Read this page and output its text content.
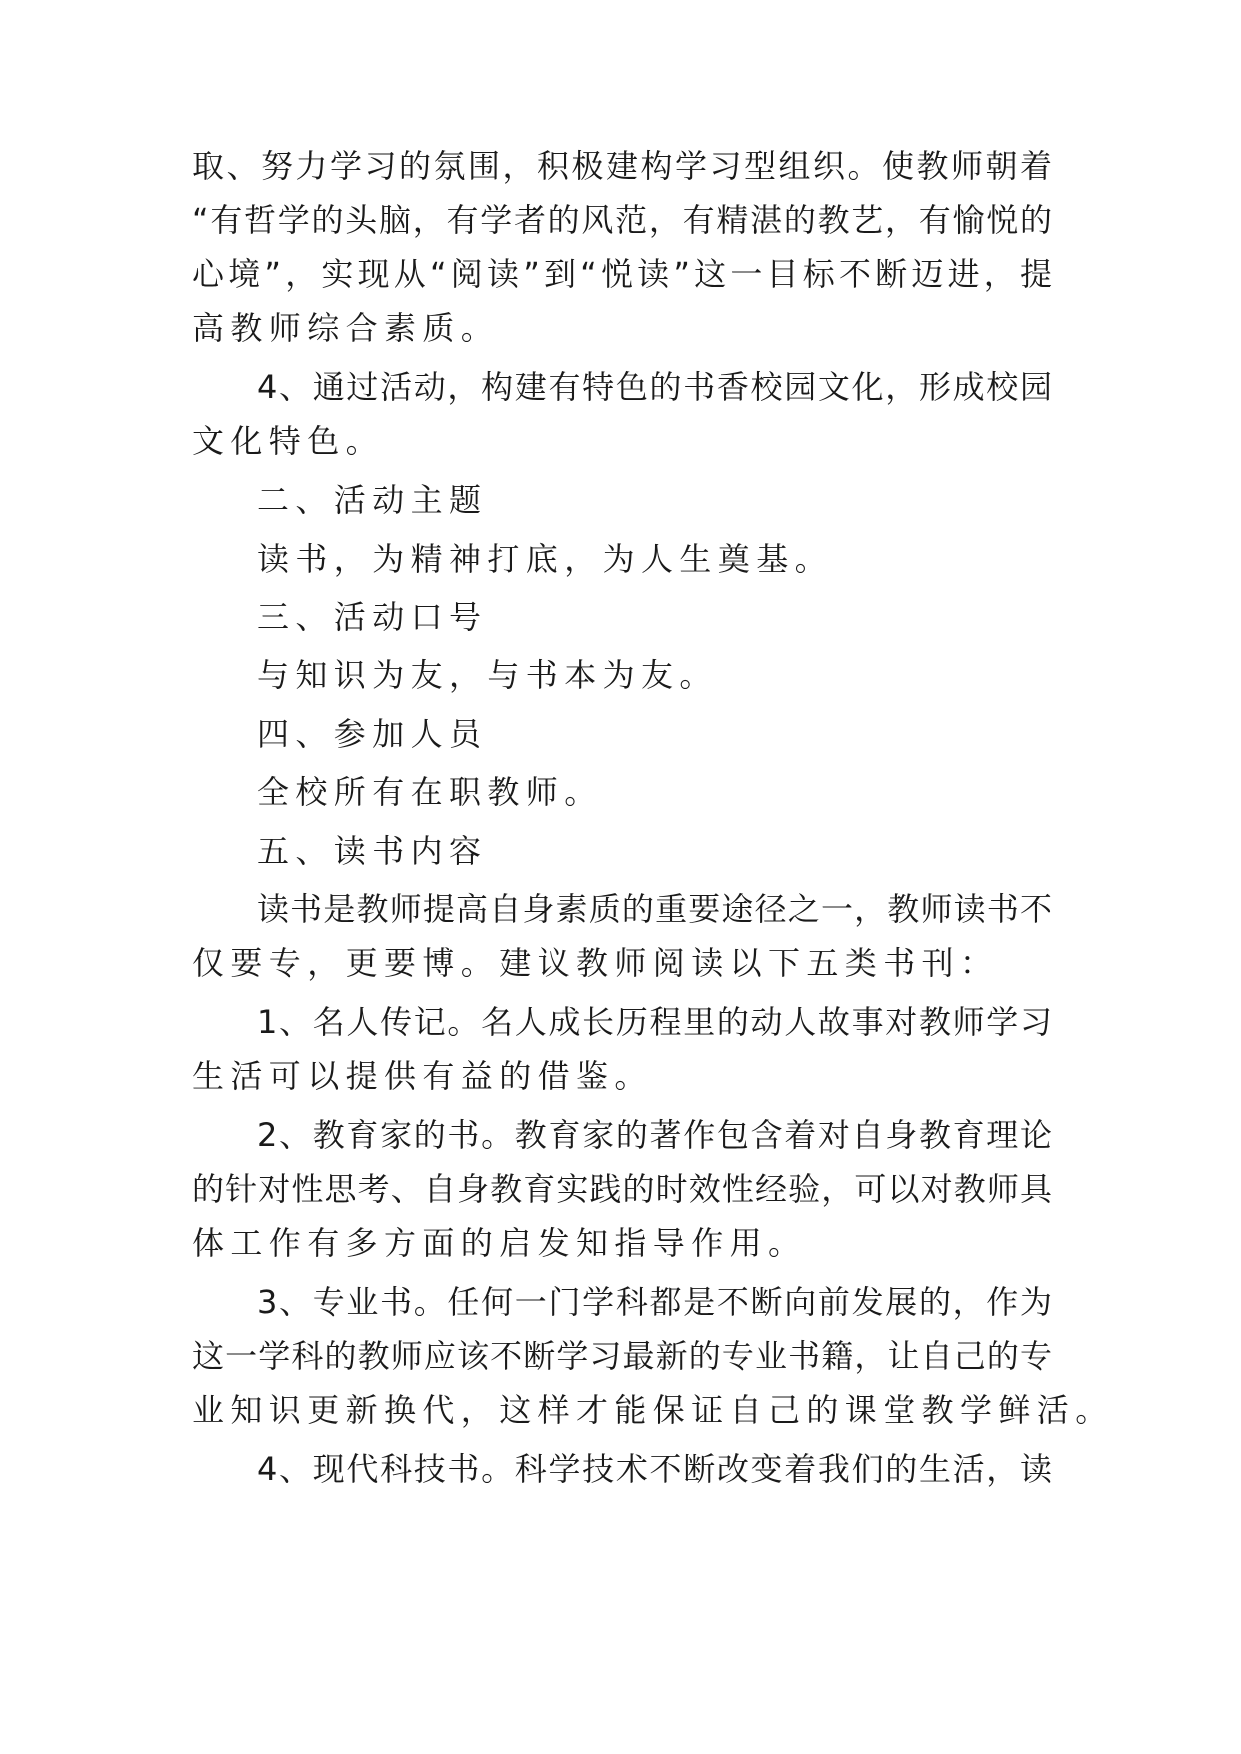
取、努力学习的氛围，积极建构学习型组织。使教师朝着
“有哲学的头脑，有学者的风范，有精湛的教艺，有愉悦的
心境”，实现从“阅读”到“悦读”这一目标不断迈进，提
高教师综合素质。
4、通过活动，构建有特色的书香校园文化，形成校园
文化特色。
二、活动主题
读书，为精神打底，为人生奠基。
三、活动口号
与知识为友，与书本为友。
四、参加人员
全校所有在职教师。
五、读书内容
读书是教师提高自身素质的重要途径之一，教师读书不
仅要专，更要博。建议教师阅读以下五类书刊：
1、名人传记。名人成长历程里的动人故事对教师学习
生活可以提供有益的借鉴。
2、教育家的书。教育家的著作包含着对自身教育理论
的针对性思考、自身教育实践的时效性经验，可以对教师具
体工作有多方面的启发知指导作用。
3、专业书。任何一门学科都是不断向前发展的，作为
这一学科的教师应该不断学习最新的专业书籍，让自己的专
业知识更新换代，这样才能保证自己的课堂教学鲜活。
4、现代科技书。科学技术不断改变着我们的生活，读
